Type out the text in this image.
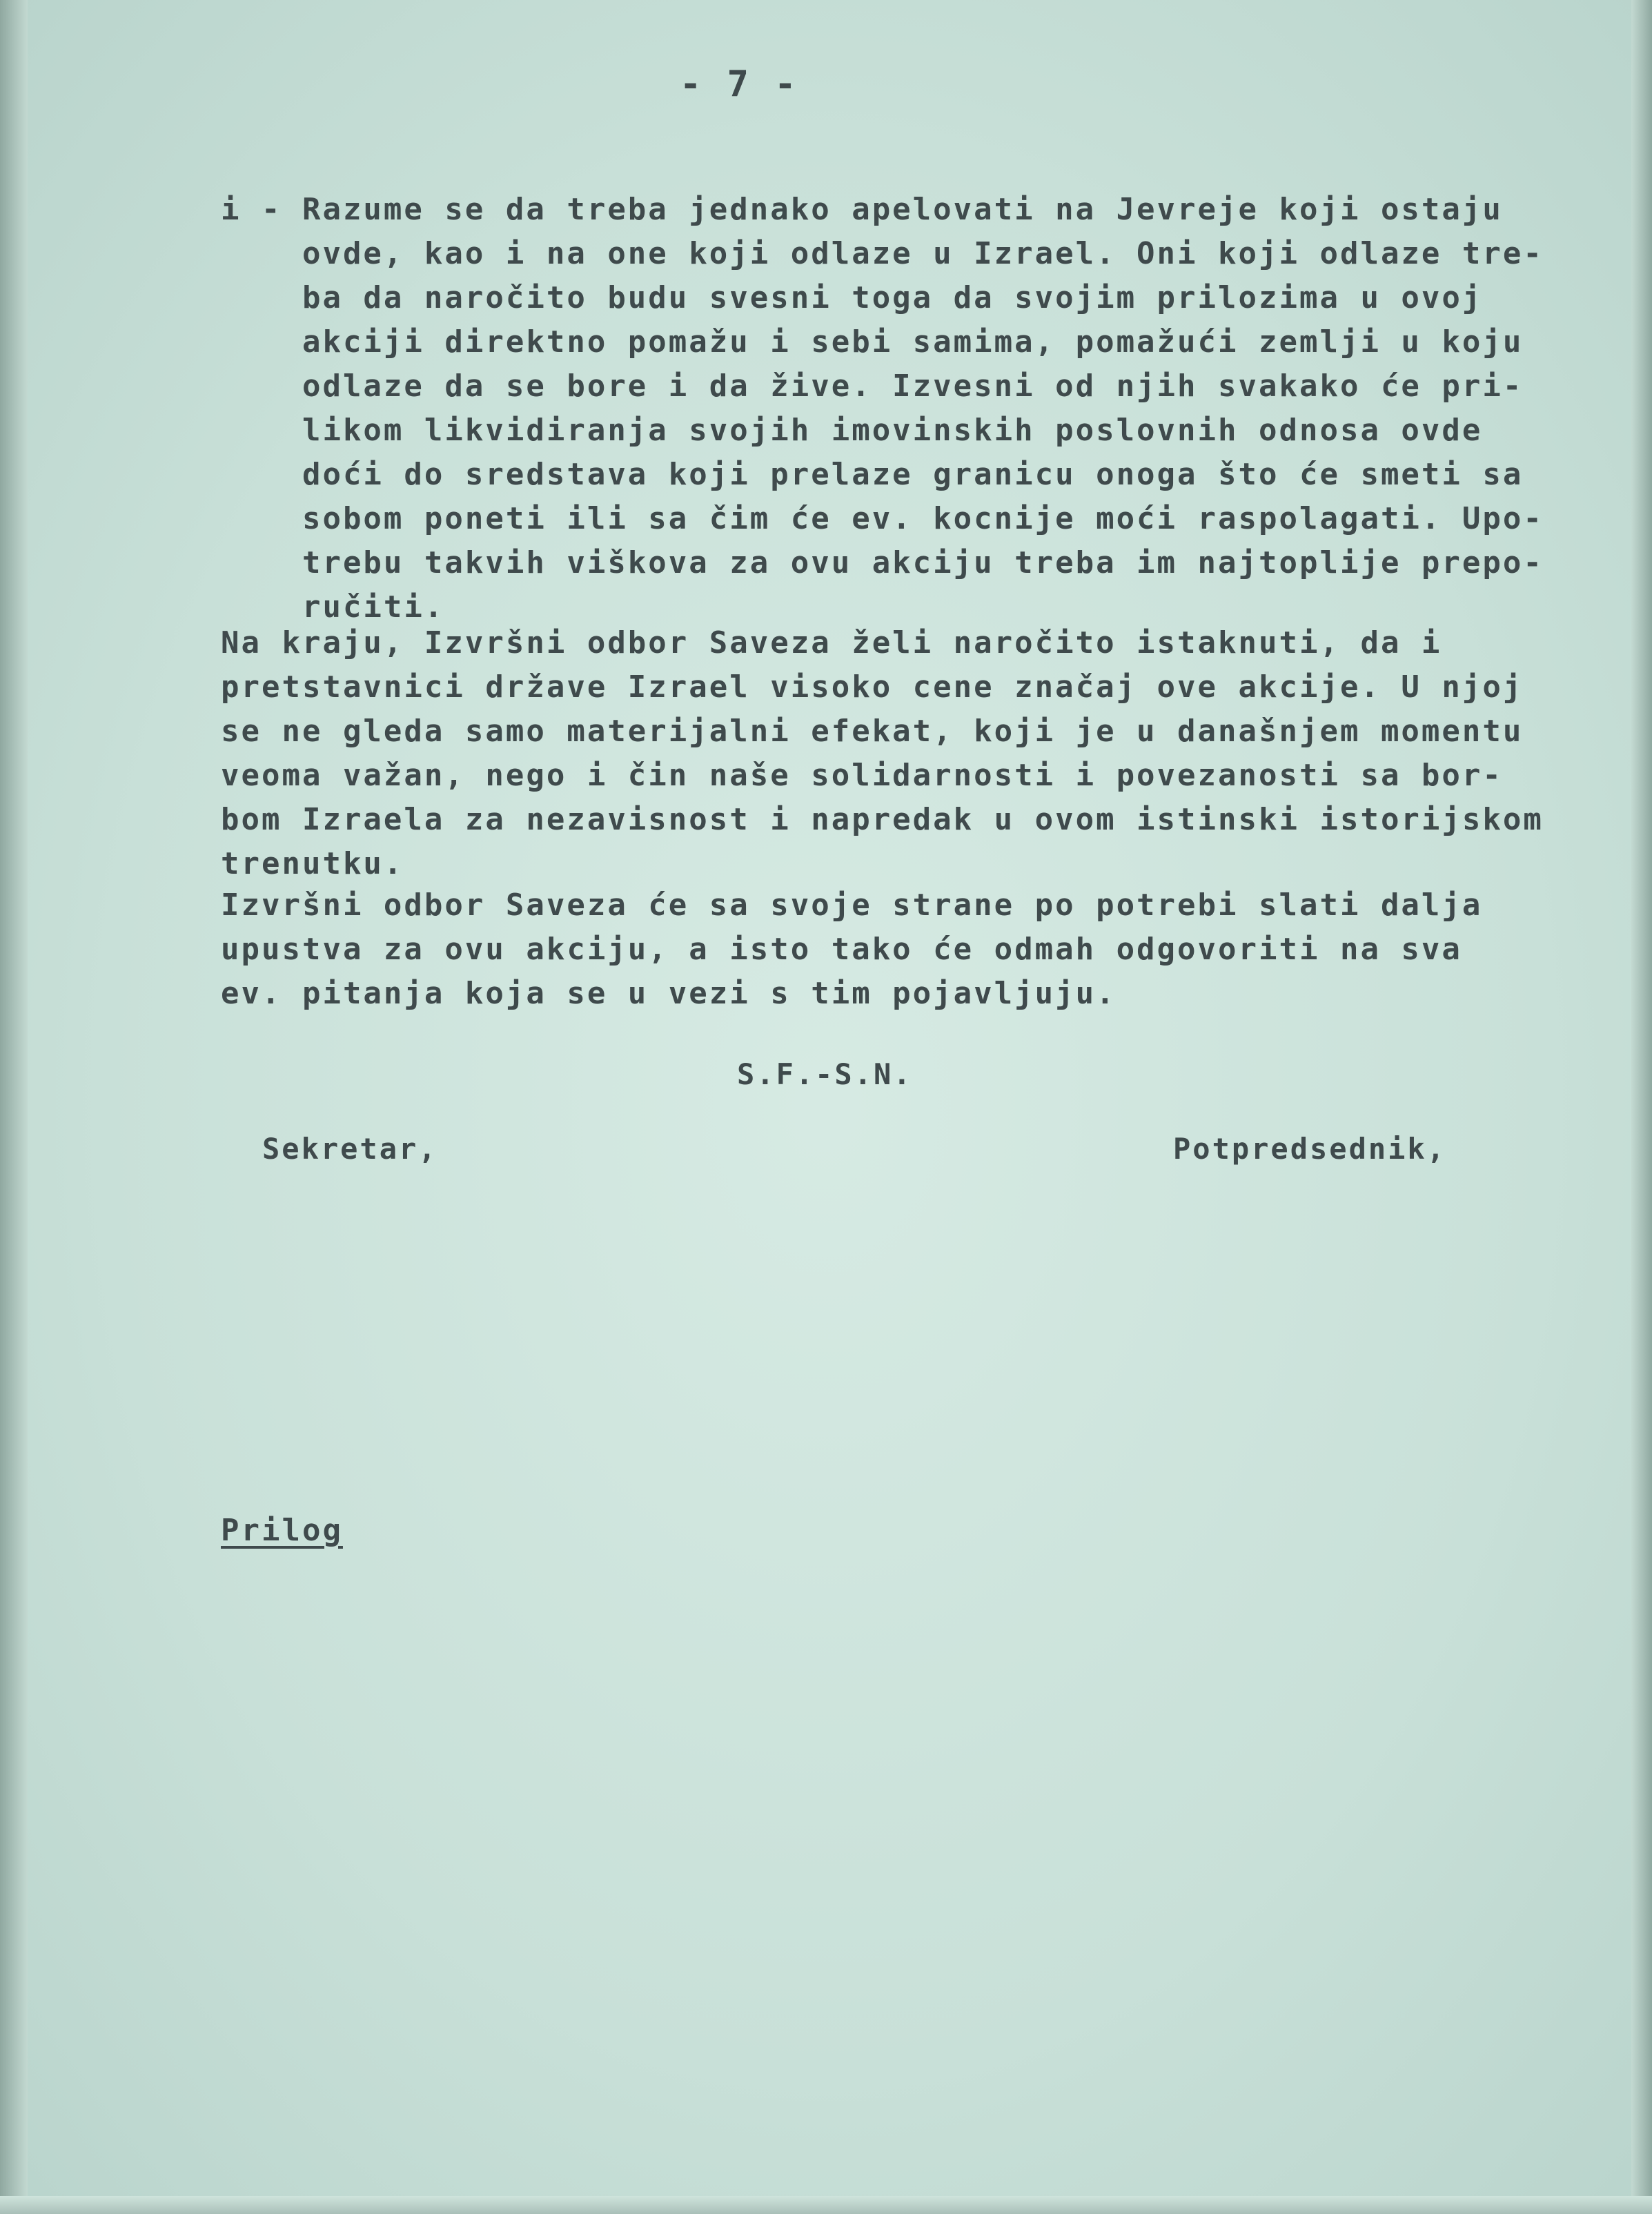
- 7 -

i - Razume se da treba jednako apelovati na Jevreje koji ostaju

ovde, kao i na one koji odlaze u Izrael. Oni koji odlaze tre-

ba da naročito budu svesni toga da svojim prilozima u ovoj

akciji direktno pomažu i sebi samima, pomažući zemlji u koju

odlaze da se bore i da žive. Izvesni od njih svakako će pri-

likom likvidiranja svojih imovinskih poslovnih odnosa ovde

doći do sredstava koji prelaze granicu onoga što će smeti sa

sobom poneti ili sa čim će ev. kocnije moći raspolagati. Upo-

trebu takvih viškova za ovu akciju treba im najtoplije prepo-

ručiti.

Na kraju, Izvršni odbor Saveza želi naročito istaknuti, da i

pretstavnici države Izrael visoko cene značaj ove akcije. U njoj

se ne gleda samo materijalni efekat, koji je u današnjem momentu

veoma važan, nego i čin naše solidarnosti i povezanosti sa bor-

bom Izraela za nezavisnost i napredak u ovom istinski istorijskom

trenutku.

Izvršni odbor Saveza će sa svoje strane po potrebi slati dalja

upustva za ovu akciju, a isto tako će odmah odgovoriti na sva

ev. pitanja koja se u vezi s tim pojavljuju.

S.F.-S.N.
Sekretar,	Potpredsednik,
Prilog
